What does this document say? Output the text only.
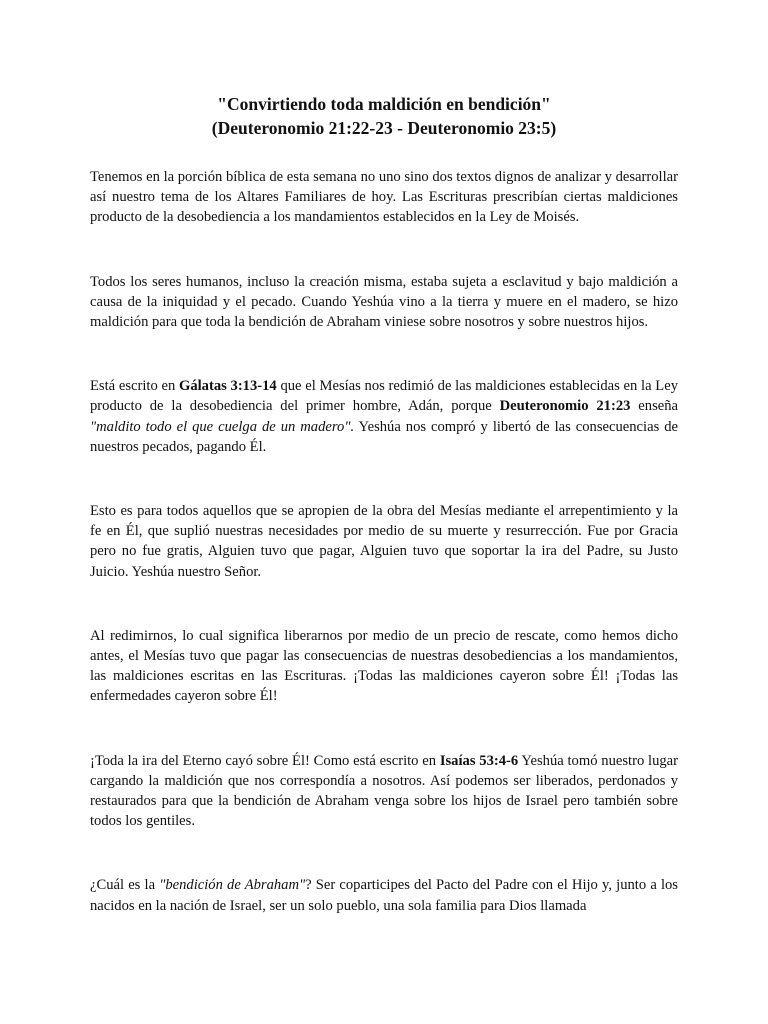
"Convirtiendo toda maldición en bendición"
(Deuteronomio 21:22-23 - Deuteronomio 23:5)

Tenemos en la porción bíblica de esta semana no uno sino dos textos dignos de analizar y desarrollar así nuestro tema de los Altares Familiares de hoy. Las Escrituras prescribían ciertas maldiciones producto de la desobediencia a los mandamientos establecidos en la Ley de Moisés.

Todos los seres humanos, incluso la creación misma, estaba sujeta a esclavitud y bajo maldición a causa de la iniquidad y el pecado. Cuando Yeshúa vino a la tierra y muere en el madero, se hizo maldición para que toda la bendición de Abraham viniese sobre nosotros y sobre nuestros hijos.

Está escrito en Gálatas 3:13-14 que el Mesías nos redimió de las maldiciones establecidas en la Ley producto de la desobediencia del primer hombre, Adán, porque Deuteronomio 21:23 enseña "maldito todo el que cuelga de un madero". Yeshúa nos compró y libertó de las consecuencias de nuestros pecados, pagando Él.

Esto es para todos aquellos que se apropien de la obra del Mesías mediante el arrepentimiento y la fe en Él, que suplió nuestras necesidades por medio de su muerte y resurrección. Fue por Gracia pero no fue gratis, Alguien tuvo que pagar, Alguien tuvo que soportar la ira del Padre, su Justo Juicio. Yeshúa nuestro Señor.

Al redimirnos, lo cual significa liberarnos por medio de un precio de rescate, como hemos dicho antes, el Mesías tuvo que pagar las consecuencias de nuestras desobediencias a los mandamientos, las maldiciones escritas en las Escrituras. ¡Todas las maldiciones cayeron sobre Él! ¡Todas las enfermedades cayeron sobre Él!

¡Toda la ira del Eterno cayó sobre Él! Como está escrito en Isaías 53:4-6 Yeshúa tomó nuestro lugar cargando la maldición que nos correspondía a nosotros. Así podemos ser liberados, perdonados y restaurados para que la bendición de Abraham venga sobre los hijos de Israel pero también sobre todos los gentiles.

¿Cuál es la "bendición de Abraham"? Ser coparticipes del Pacto del Padre con el Hijo y, junto a los nacidos en la nación de Israel, ser un solo pueblo, una sola familia para Dios llamada
